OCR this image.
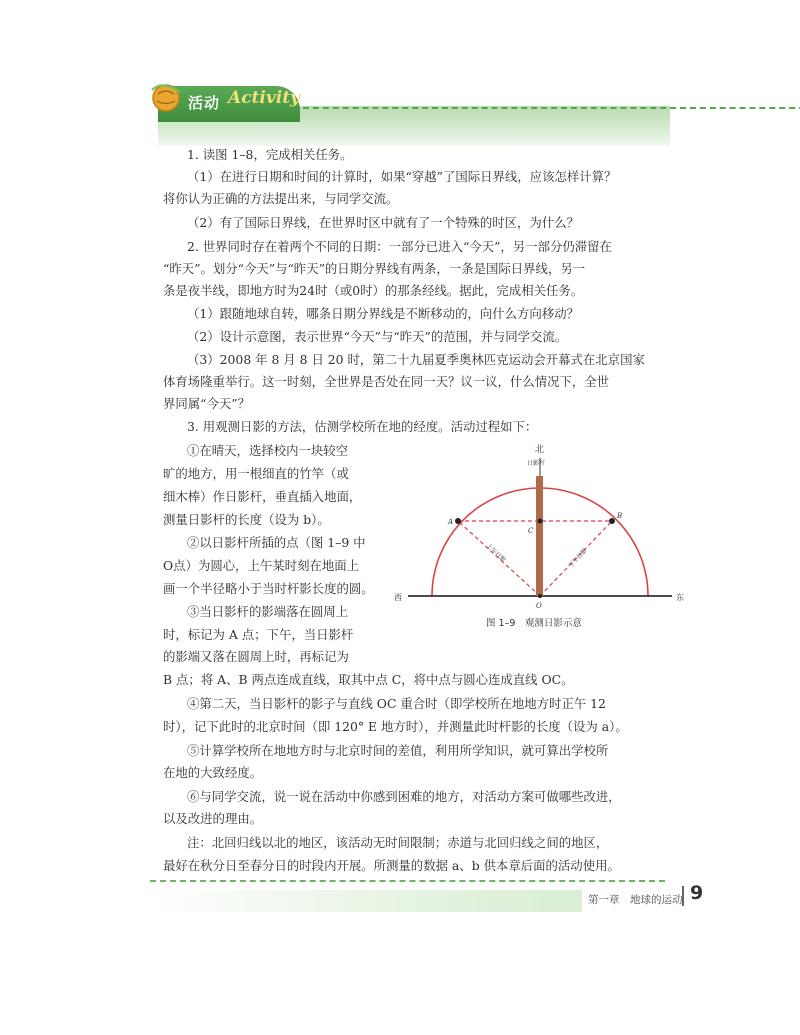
活动 Activity
1. 读图 1–8，完成相关任务。
（1）在进行日期和时间的计算时，如果“穿越”了国际日界线，应该怎样计算？
将你认为正确的方法提出来，与同学交流。
（2）有了国际日界线，在世界时区中就有了一个特殊的时区，为什么？
2. 世界同时存在着两个不同的日期：一部分已进入“今天”，另一部分仍滞留在
“昨天”。划分“今天”与“昨天”的日期分界线有两条，一条是国际日界线，另一
条是夜半线，即地方时为24时（或0时）的那条经线。据此，完成相关任务。
（1）跟随地球自转，哪条日期分界线是不断移动的，向什么方向移动？
（2）设计示意图，表示世界“今天”与“昨天”的范围，并与同学交流。
（3）2008 年 8 月 8 日 20 时，第二十九届夏季奥林匹克运动会开幕式在北京国家
体育场隆重举行。这一时刻，全世界是否处在同一天？议一议，什么情况下，全世
界同属“今天”？
3. 用观测日影的方法，估测学校所在地的经度。活动过程如下：
①在晴天，选择校内一块较空
旷的地方，用一根细直的竹竿（或
细木棒）作日影杆，垂直插入地面，
测量日影杆的长度（设为 b）。
②以日影杆所插的点（图 1–9 中
O点）为圆心，上午某时刻在地面上
画一个半径略小于当时杆影长度的圆。
③当日影杆的影端落在圆周上
时，标记为 A 点；下午，当日影杆
的影端又落在圆周上时，再标记为
北
日影杆
A
B
C
O
西	东
上午日影	下午日影
图 1–9　观测日影示意
B 点；将 A、B 两点连成直线，取其中点 C，将中点与圆心连成直线 OC。
④第二天，当日影杆的影子与直线 OC 重合时（即学校所在地地方时正午 12
时），记下此时的北京时间（即 120° E 地方时），并测量此时杆影的长度（设为 a）。
⑤计算学校所在地地方时与北京时间的差值，利用所学知识，就可算出学校所
在地的大致经度。
⑥与同学交流，说一说在活动中你感到困难的地方，对活动方案可做哪些改进，
以及改进的理由。
注：北回归线以北的地区，该活动无时间限制；赤道与北回归线之间的地区，
最好在秋分日至春分日的时段内开展。所测量的数据 a、b 供本章后面的活动使用。
第一章　地球的运动 9
